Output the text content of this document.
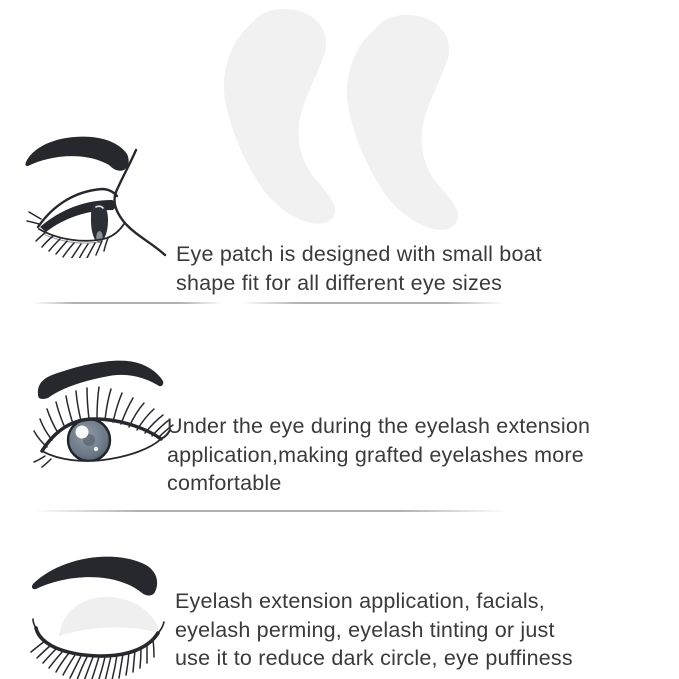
Eye patch is designed with small boat
shape fit for all different eye sizes
Under the eye during the eyelash extension
application,making grafted eyelashes more
comfortable
Eyelash extension application, facials,
eyelash perming, eyelash tinting or just
use it to reduce dark circle, eye puffiness
